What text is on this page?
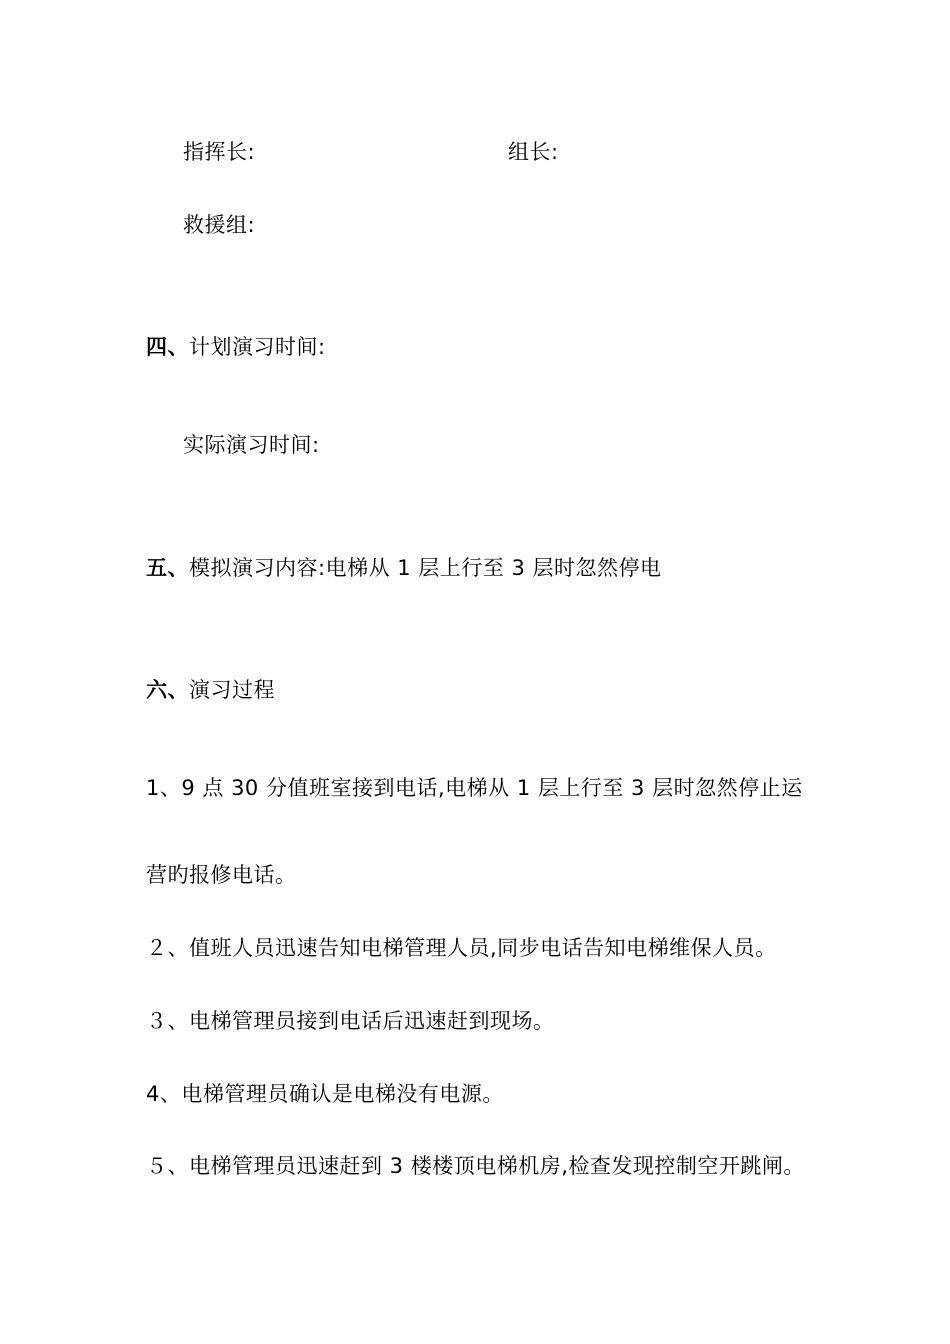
指挥长:	组长:
救援组:
四、计划演习时间:
实际演习时间:
五、模拟演习内容:电梯从 1 层上行至 3 层时忽然停电
六、演习过程
1、9 点 30 分值班室接到电话,电梯从 1 层上行至 3 层时忽然停止运
营旳报修电话。
２、值班人员迅速告知电梯管理人员,同步电话告知电梯维保人员。
３、电梯管理员接到电话后迅速赶到现场。
4、电梯管理员确认是电梯没有电源。
５、电梯管理员迅速赶到 3 楼楼顶电梯机房,检查发现控制空开跳闸。
